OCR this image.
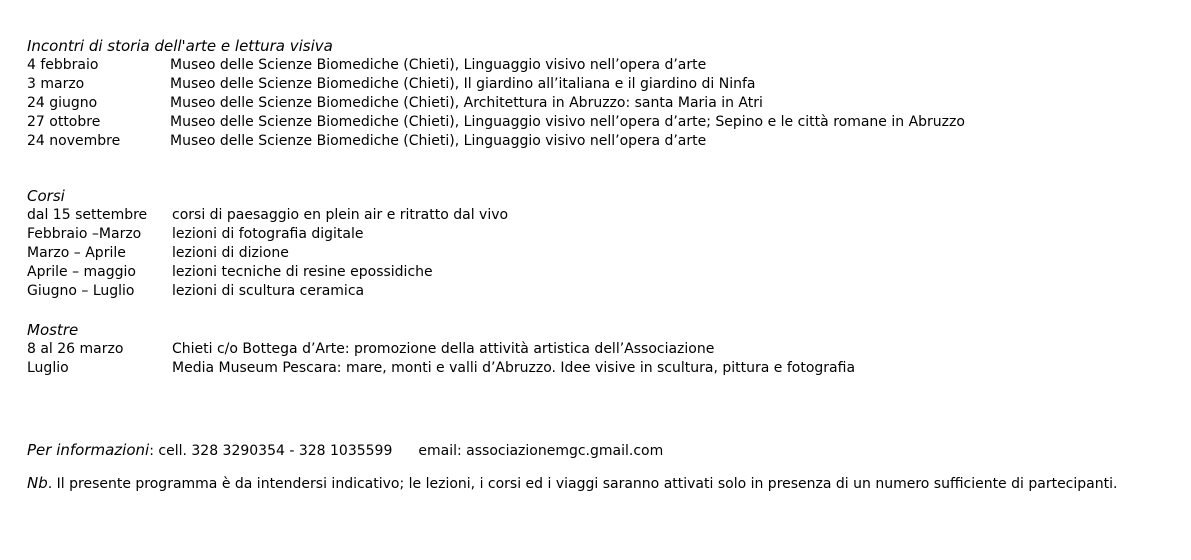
Incontri di storia dell'arte e lettura visiva
4 febbraio	Museo delle Scienze Biomediche (Chieti), Linguaggio visivo nell’opera d’arte
3 marzo	Museo delle Scienze Biomediche (Chieti), Il giardino all’italiana e il giardino di Ninfa
24 giugno	Museo delle Scienze Biomediche (Chieti), Architettura in Abruzzo: santa Maria in Atri
27 ottobre	Museo delle Scienze Biomediche (Chieti), Linguaggio visivo nell’opera d’arte; Sepino e le città romane in Abruzzo
24 novembre	Museo delle Scienze Biomediche (Chieti), Linguaggio visivo nell’opera d’arte
Corsi
dal 15 settembre	corsi di paesaggio en plein air e ritratto dal vivo
Febbraio –Marzo	lezioni di fotografia digitale
Marzo – Aprile	lezioni di dizione
Aprile – maggio	lezioni tecniche di resine epossidiche
Giugno – Luglio	lezioni di scultura ceramica
Mostre
8 al 26 marzo	Chieti c/o Bottega d’Arte: promozione della attività artistica dell’Associazione
Luglio	Media Museum Pescara: mare, monti e valli d’Abruzzo. Idee visive in scultura, pittura e fotografia
Per informazioni: cell. 328 3290354 - 328 1035599 email: associazionemgc.gmail.com
Nb. Il presente programma è da intendersi indicativo; le lezioni, i corsi ed i viaggi saranno attivati solo in presenza di un numero sufficiente di partecipanti.
